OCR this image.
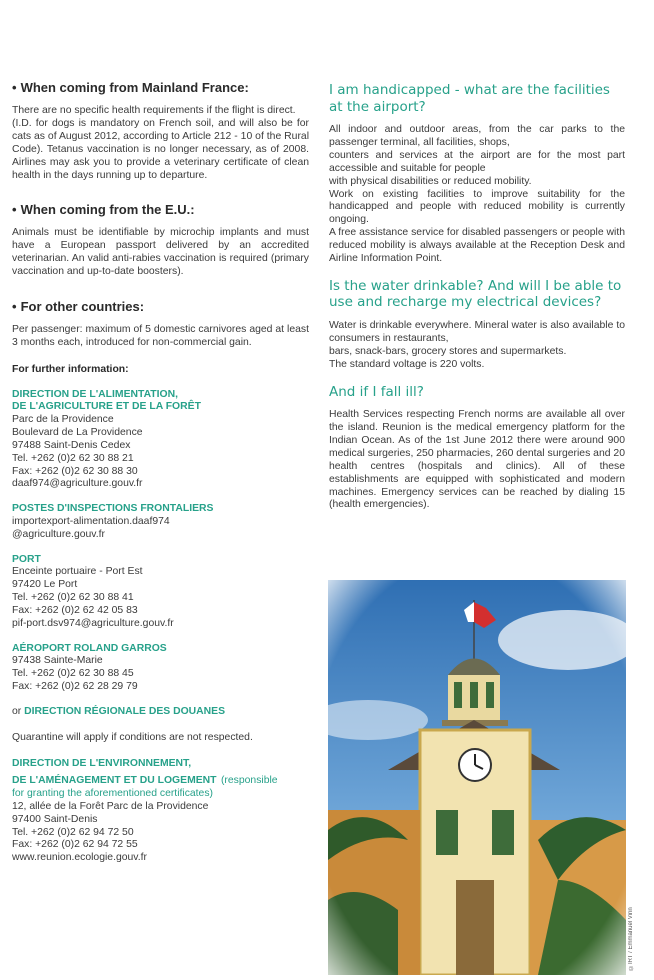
• When coming from Mainland France:

There are no specific health requirements if the flight is direct.

(I.D. for dogs is mandatory on French soil, and will also be for cats as of August 2012, according to Article 212 - 10 of the Rural Code). Tetanus vaccination is no longer necessary, as of 2008. Airlines may ask you to provide a veterinary certificate of clean health in the days running up to departure.

• When coming from the E.U.:

Animals must be identifiable by microchip implants and must have a European passport delivered by an accredited veterinarian. An valid anti-rabies vaccination is required (primary vaccination and up-to-date boosters).

• For other countries:

Per passenger: maximum of 5 domestic carnivores aged at least 3 months each, introduced for non-commercial gain.

For further information:

DIRECTION DE L'ALIMENTATION,
DE L'AGRICULTURE ET DE LA FORÊT
Parc de la Providence
Boulevard de La Providence
97488 Saint-Denis Cedex
Tel. +262 (0)2 62 30 88 21
Fax: +262 (0)2 62 30 88 30
daaf974@agriculture.gouv.fr
POSTES D'INSPECTIONS FRONTALIERS
importexport-alimentation.daaf974
@agriculture.gouv.fr
PORT
Enceinte portuaire - Port Est
97420 Le Port
Tel. +262 (0)2 62 30 88 41
Fax: +262 (0)2 62 42 05 83
pif-port.dsv974@agriculture.gouv.fr
AÉROPORT ROLAND GARROS
97438 Sainte-Marie
Tel. +262 (0)2 62 30 88 45
Fax: +262 (0)2 62 28 29 79
or DIRECTION RÉGIONALE DES DOUANES
Quarantine will apply if conditions are not respected.
DIRECTION DE L'ENVIRONNEMENT,
DE L'AMÉNAGEMENT ET DU LOGEMENT (responsible
for granting the aforementioned certificates)
12, allée de la Forêt Parc de la Providence
97400 Saint-Denis
Tel. +262 (0)2 62 94 72 50
Fax: +262 (0)2 62 94 72 55
www.reunion.ecologie.gouv.fr
I am handicapped - what are the facilities at the airport?

All indoor and outdoor areas, from the car parks to the passenger terminal, all facilities, shops,

counters and services at the airport are for the most part accessible and suitable for people

with physical disabilities or reduced mobility.

Work on existing facilities to improve suitability for the handicapped and people with reduced mobility is currently ongoing.

A free assistance service for disabled passengers or people with reduced mobility is always available at the Reception Desk and Airline Information Point.

Is the water drinkable? And will I be able to use and recharge my electrical devices?

Water is drinkable everywhere. Mineral water is also available to consumers in restaurants,

bars, snack-bars, grocery stores and supermarkets.

The standard voltage is 220 volts.

And if I fall ill?

Health Services respecting French norms are available all over the island. Reunion is the medical emergency platform for the Indian Ocean. As of the 1st June 2012 there were around 900 medical surgeries, 250 pharmacies, 260 dental surgeries and 20 health centres (hospitals and clinics). All of these establishments are equipped with sophisticated and modern machines. Emergency services can be reached by dialing 15 (health emergencies).

©IRT / Emmanuel Virin
